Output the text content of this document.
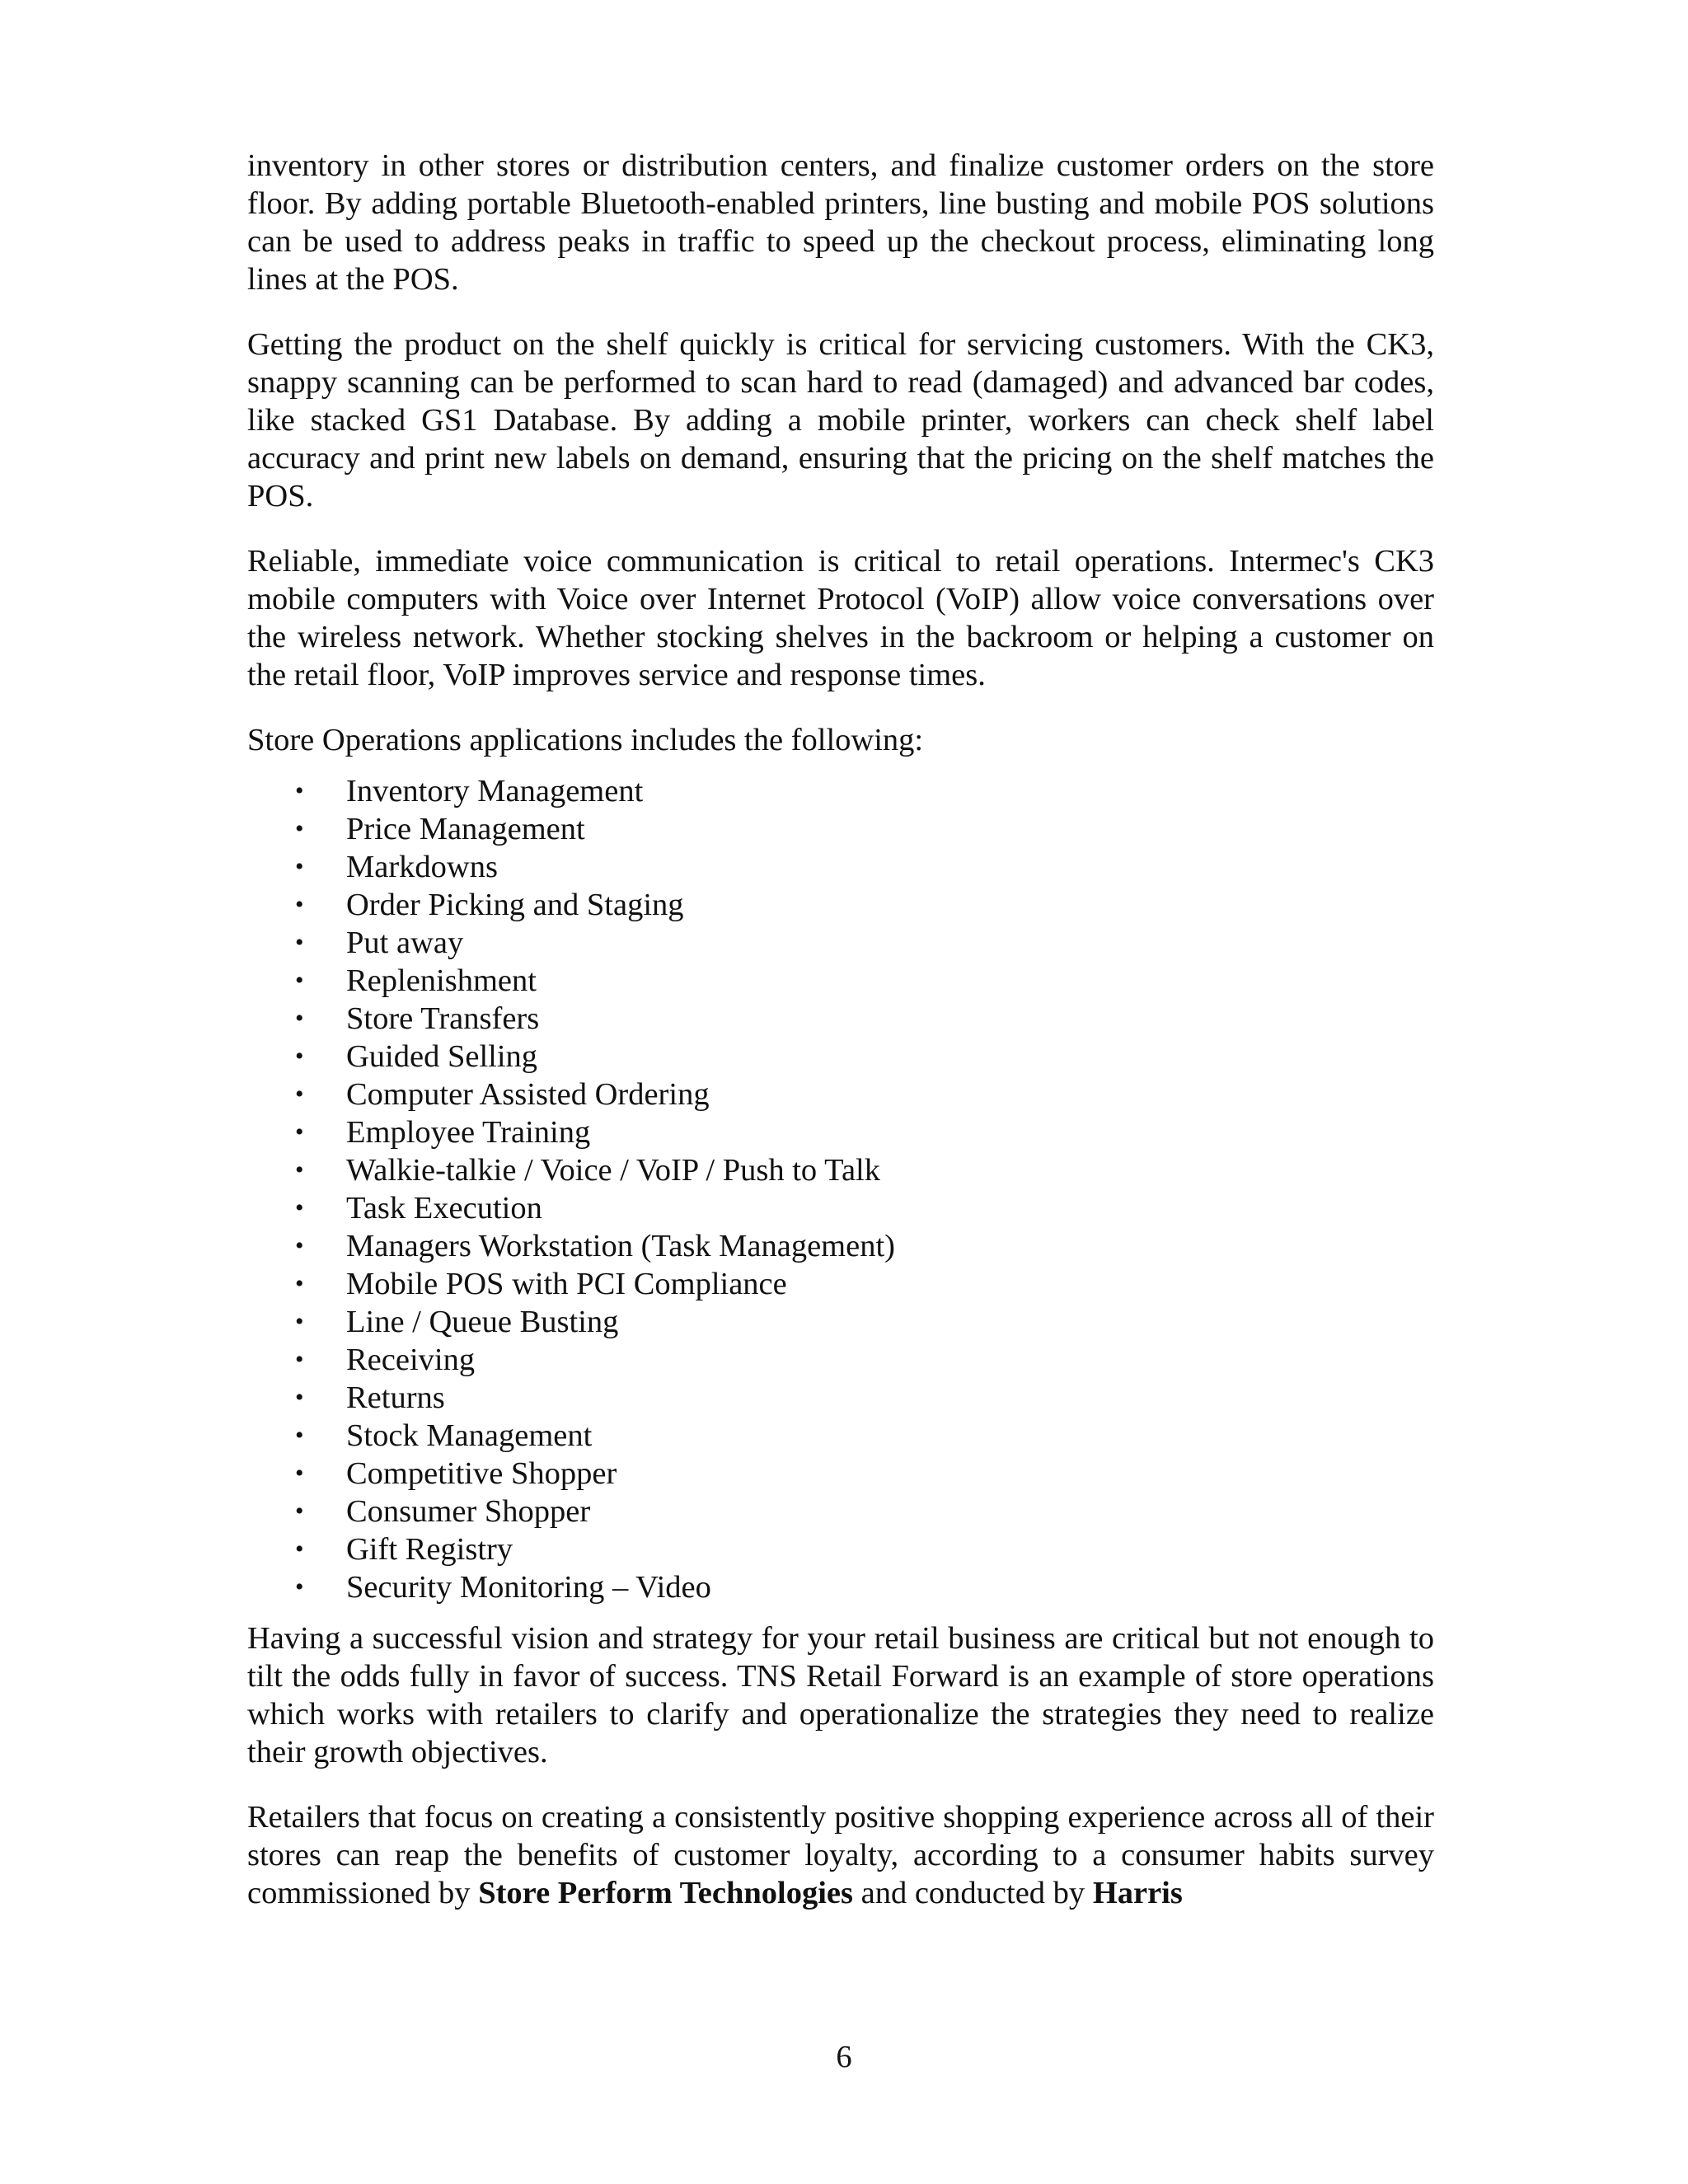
inventory in other stores or distribution centers, and finalize customer orders on the store floor. By adding portable Bluetooth-enabled printers, line busting and mobile POS solutions can be used to address peaks in traffic to speed up the checkout process, eliminating long lines at the POS.

Getting the product on the shelf quickly is critical for servicing customers. With the CK3, snappy scanning can be performed to scan hard to read (damaged) and advanced bar codes, like stacked GS1 Database. By adding a mobile printer, workers can check shelf label accuracy and print new labels on demand, ensuring that the pricing on the shelf matches the POS.

Reliable, immediate voice communication is critical to retail operations. Intermec's CK3 mobile computers with Voice over Internet Protocol (VoIP) allow voice conversations over the wireless network. Whether stocking shelves in the backroom or helping a customer on the retail floor, VoIP improves service and response times.

Store Operations applications includes the following:

• Inventory Management
• Price Management
• Markdowns
• Order Picking and Staging
• Put away
• Replenishment
• Store Transfers
• Guided Selling
• Computer Assisted Ordering
• Employee Training
• Walkie-talkie / Voice / VoIP / Push to Talk
• Task Execution
• Managers Workstation (Task Management)
• Mobile POS with PCI Compliance
• Line / Queue Busting
• Receiving
• Returns
• Stock Management
• Competitive Shopper
• Consumer Shopper
• Gift Registry
• Security Monitoring – Video

Having a successful vision and strategy for your retail business are critical but not enough to tilt the odds fully in favor of success. TNS Retail Forward is an example of store operations which works with retailers to clarify and operationalize the strategies they need to realize their growth objectives.

Retailers that focus on creating a consistently positive shopping experience across all of their stores can reap the benefits of customer loyalty, according to a consumer habits survey commissioned by Store Perform Technologies and conducted by Harris

6
